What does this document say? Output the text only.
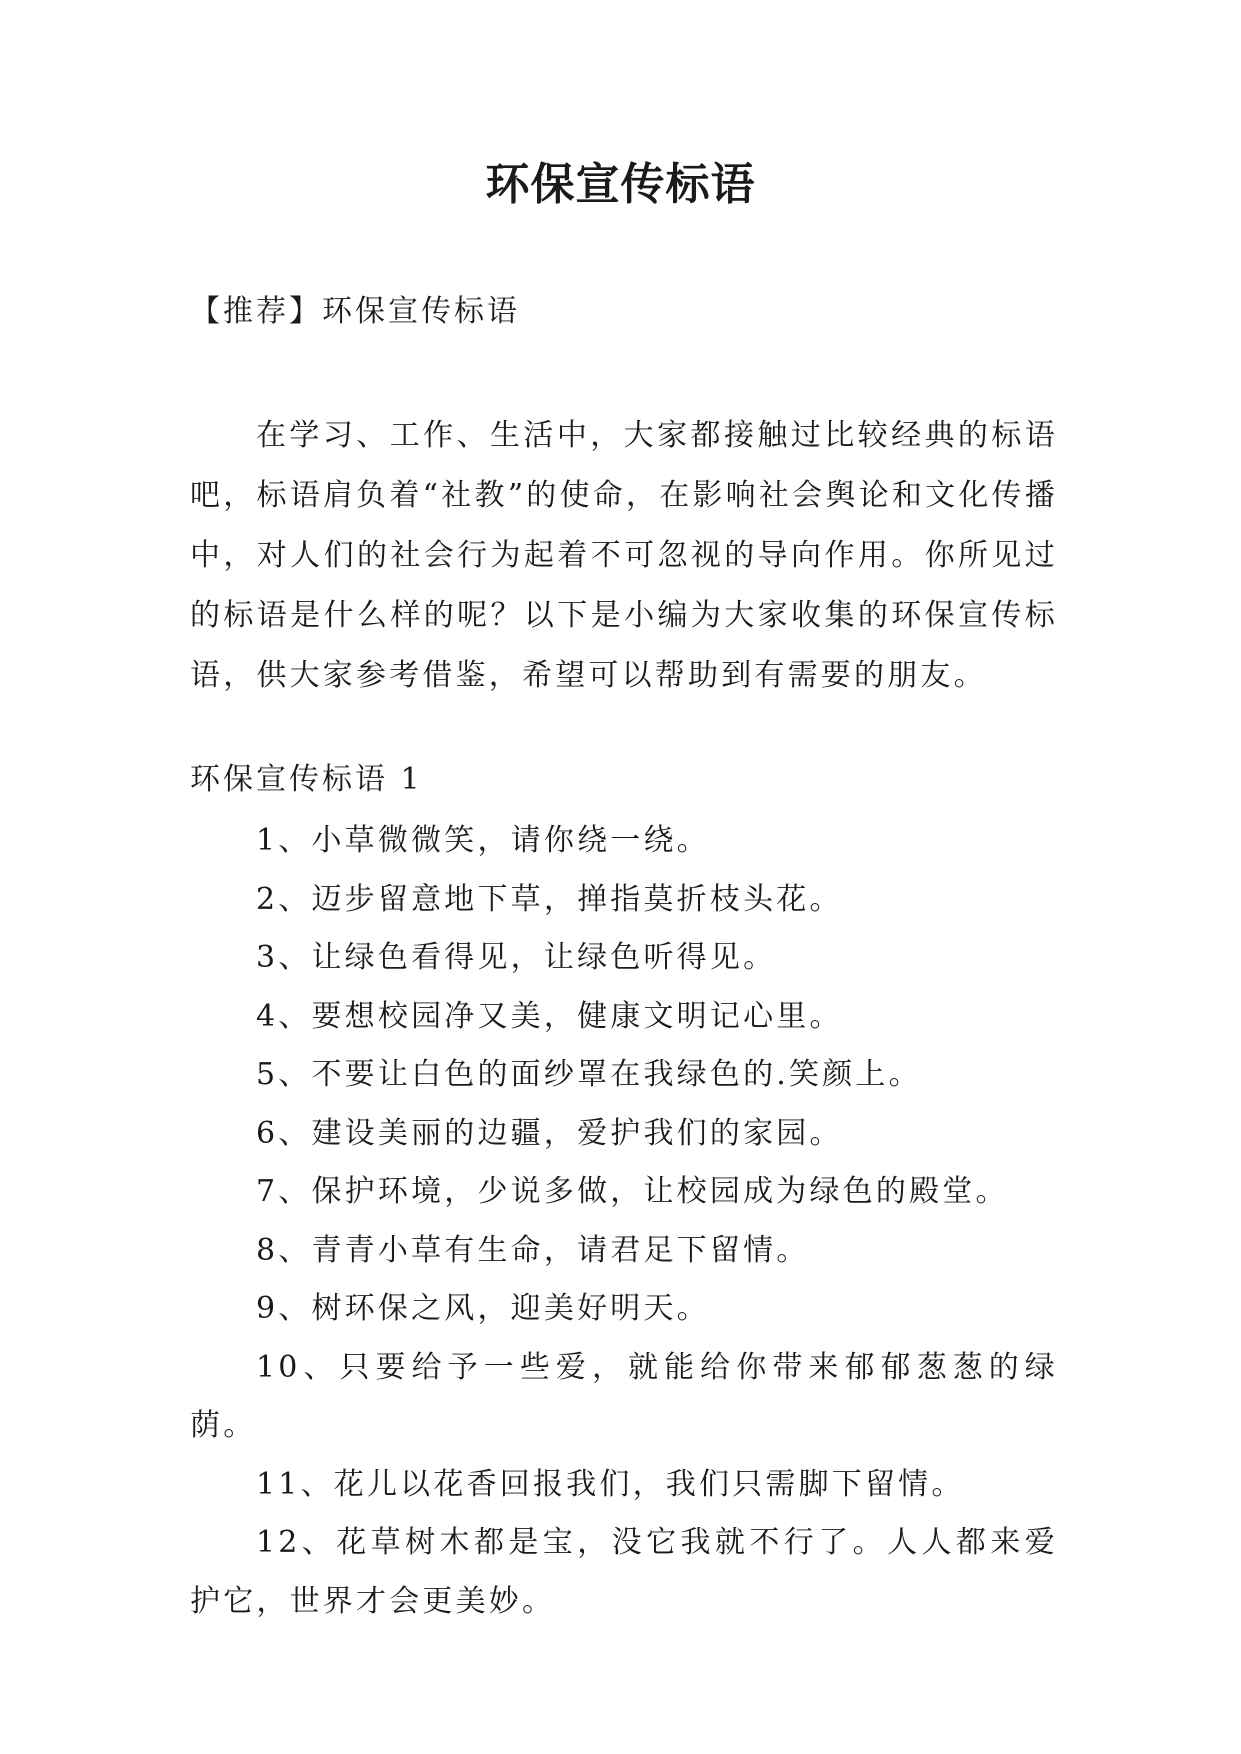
环保宣传标语

【推荐】环保宣传标语

在学习、工作、生活中，大家都接触过比较经典的标语吧，标语肩负着“社教”的使命，在影响社会舆论和文化传播中，对人们的社会行为起着不可忽视的导向作用。你所见过的标语是什么样的呢？以下是小编为大家收集的环保宣传标语，供大家参考借鉴，希望可以帮助到有需要的朋友。

环保宣传标语 1

1、小草微微笑，请你绕一绕。
2、迈步留意地下草，掸指莫折枝头花。
3、让绿色看得见，让绿色听得见。
4、要想校园净又美，健康文明记心里。
5、不要让白色的面纱罩在我绿色的.笑颜上。
6、建设美丽的边疆，爱护我们的家园。
7、保护环境，少说多做，让校园成为绿色的殿堂。
8、青青小草有生命，请君足下留情。
9、树环保之风，迎美好明天。
10、只要给予一些爱，就能给你带来郁郁葱葱的绿荫。
11、花儿以花香回报我们，我们只需脚下留情。
12、花草树木都是宝，没它我就不行了。人人都来爱护它，世界才会更美妙。
